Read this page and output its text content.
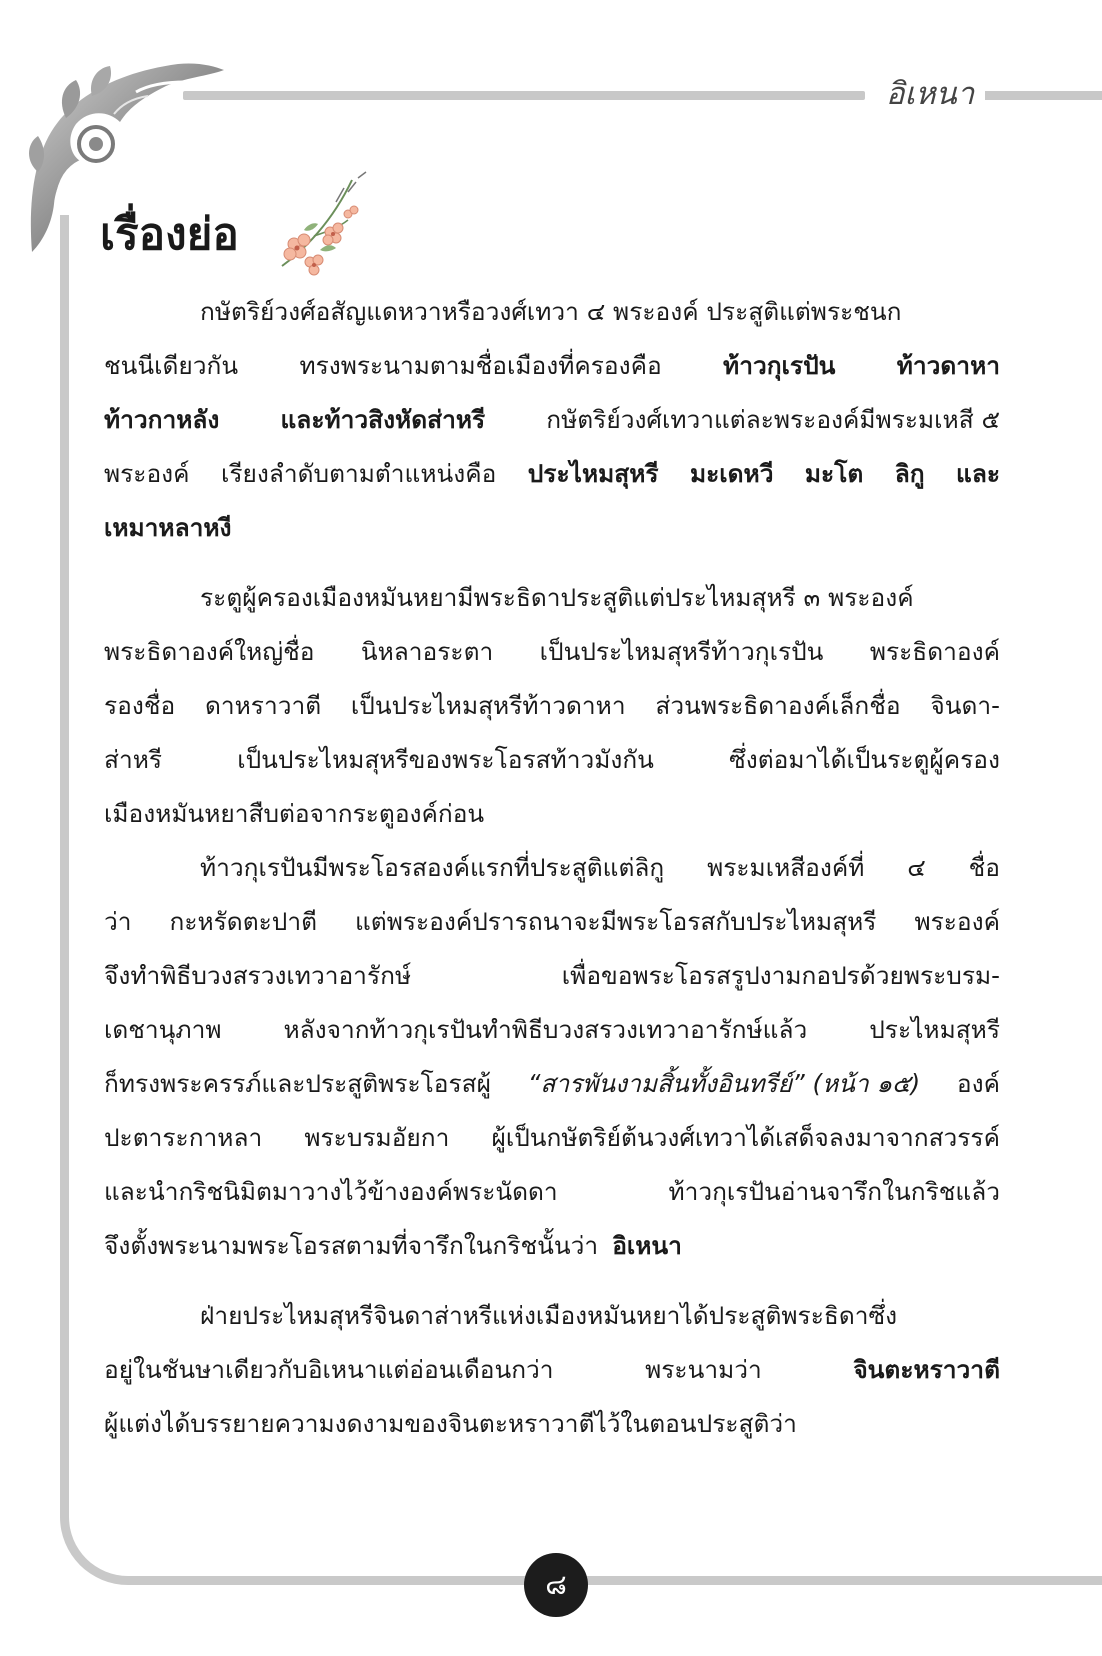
อิเหนา
เรื่องย่อ
กษัตริย์วงศ์อสัญแดหวาหรือวงศ์เทวา ๔ พระองค์ ประสูติแต่พระชนก
ชนนีเดียวกัน	ทรงพระนามตามชื่อเมืองที่ครองคือ	ท้าวกุเรปัน	ท้าวดาหา
ท้าวกาหลัง และท้าวสิงหัดส่าหรี กษัตริย์วงศ์เทวาแต่ละพระองค์มีพระมเหสี ๕
พระองค์ เรียงลำดับตามตำแหน่งคือ ประไหมสุหรี มะเดหวี มะโต ลิกู และ
เหมาหลาหงี
ระตูผู้ครองเมืองหมันหยามีพระธิดาประสูติแต่ประไหมสุหรี ๓ พระองค์
พระธิดาองค์ใหญ่ชื่อ นิหลาอระตา เป็นประไหมสุหรีท้าวกุเรปัน พระธิดาองค์
รองชื่อ ดาหราวาตี เป็นประไหมสุหรีท้าวดาหา ส่วนพระธิดาองค์เล็กชื่อ จินดา-
ส่าหรี	เป็นประไหมสุหรีของพระโอรสท้าวมังกัน	ซึ่งต่อมาได้เป็นระตูผู้ครอง
เมืองหมันหยาสืบต่อจากระตูองค์ก่อน
ท้าวกุเรปันมีพระโอรสองค์แรกที่ประสูติแต่ลิกู พระมเหสีองค์ที่ ๔ ชื่อ
ว่า กะหรัดตะปาตี แต่พระองค์ปรารถนาจะมีพระโอรสกับประไหมสุหรี พระองค์
จึงทำพิธีบวงสรวงเทวาอารักษ์	เพื่อขอพระโอรสรูปงามกอปรด้วยพระบรม-
เดชานุภาพ	หลังจากท้าวกุเรปันทำพิธีบวงสรวงเทวาอารักษ์แล้ว	ประไหมสุหรี
ก็ทรงพระครรภ์และประสูติพระโอรสผู้ “สารพันงามสิ้นทั้งอินทรีย์” (หน้า ๑๕) องค์
ปะตาระกาหลา พระบรมอัยกา ผู้เป็นกษัตริย์ต้นวงศ์เทวาได้เสด็จลงมาจากสวรรค์
และนำกริชนิมิตมาวางไว้ข้างองค์พระนัดดา	ท้าวกุเรปันอ่านจารึกในกริชแล้ว
จึงตั้งพระนามพระโอรสตามที่จารึกในกริชนั้นว่า อิเหนา
ฝ่ายประไหมสุหรีจินดาส่าหรีแห่งเมืองหมันหยาได้ประสูติพระธิดาซึ่ง
อยู่ในชันษาเดียวกับอิเหนาแต่อ่อนเดือนกว่า	พระนามว่า	จินตะหราวาตี
ผู้แต่งได้บรรยายความงดงามของจินตะหราวาตีไว้ในตอนประสูติว่า
๘
